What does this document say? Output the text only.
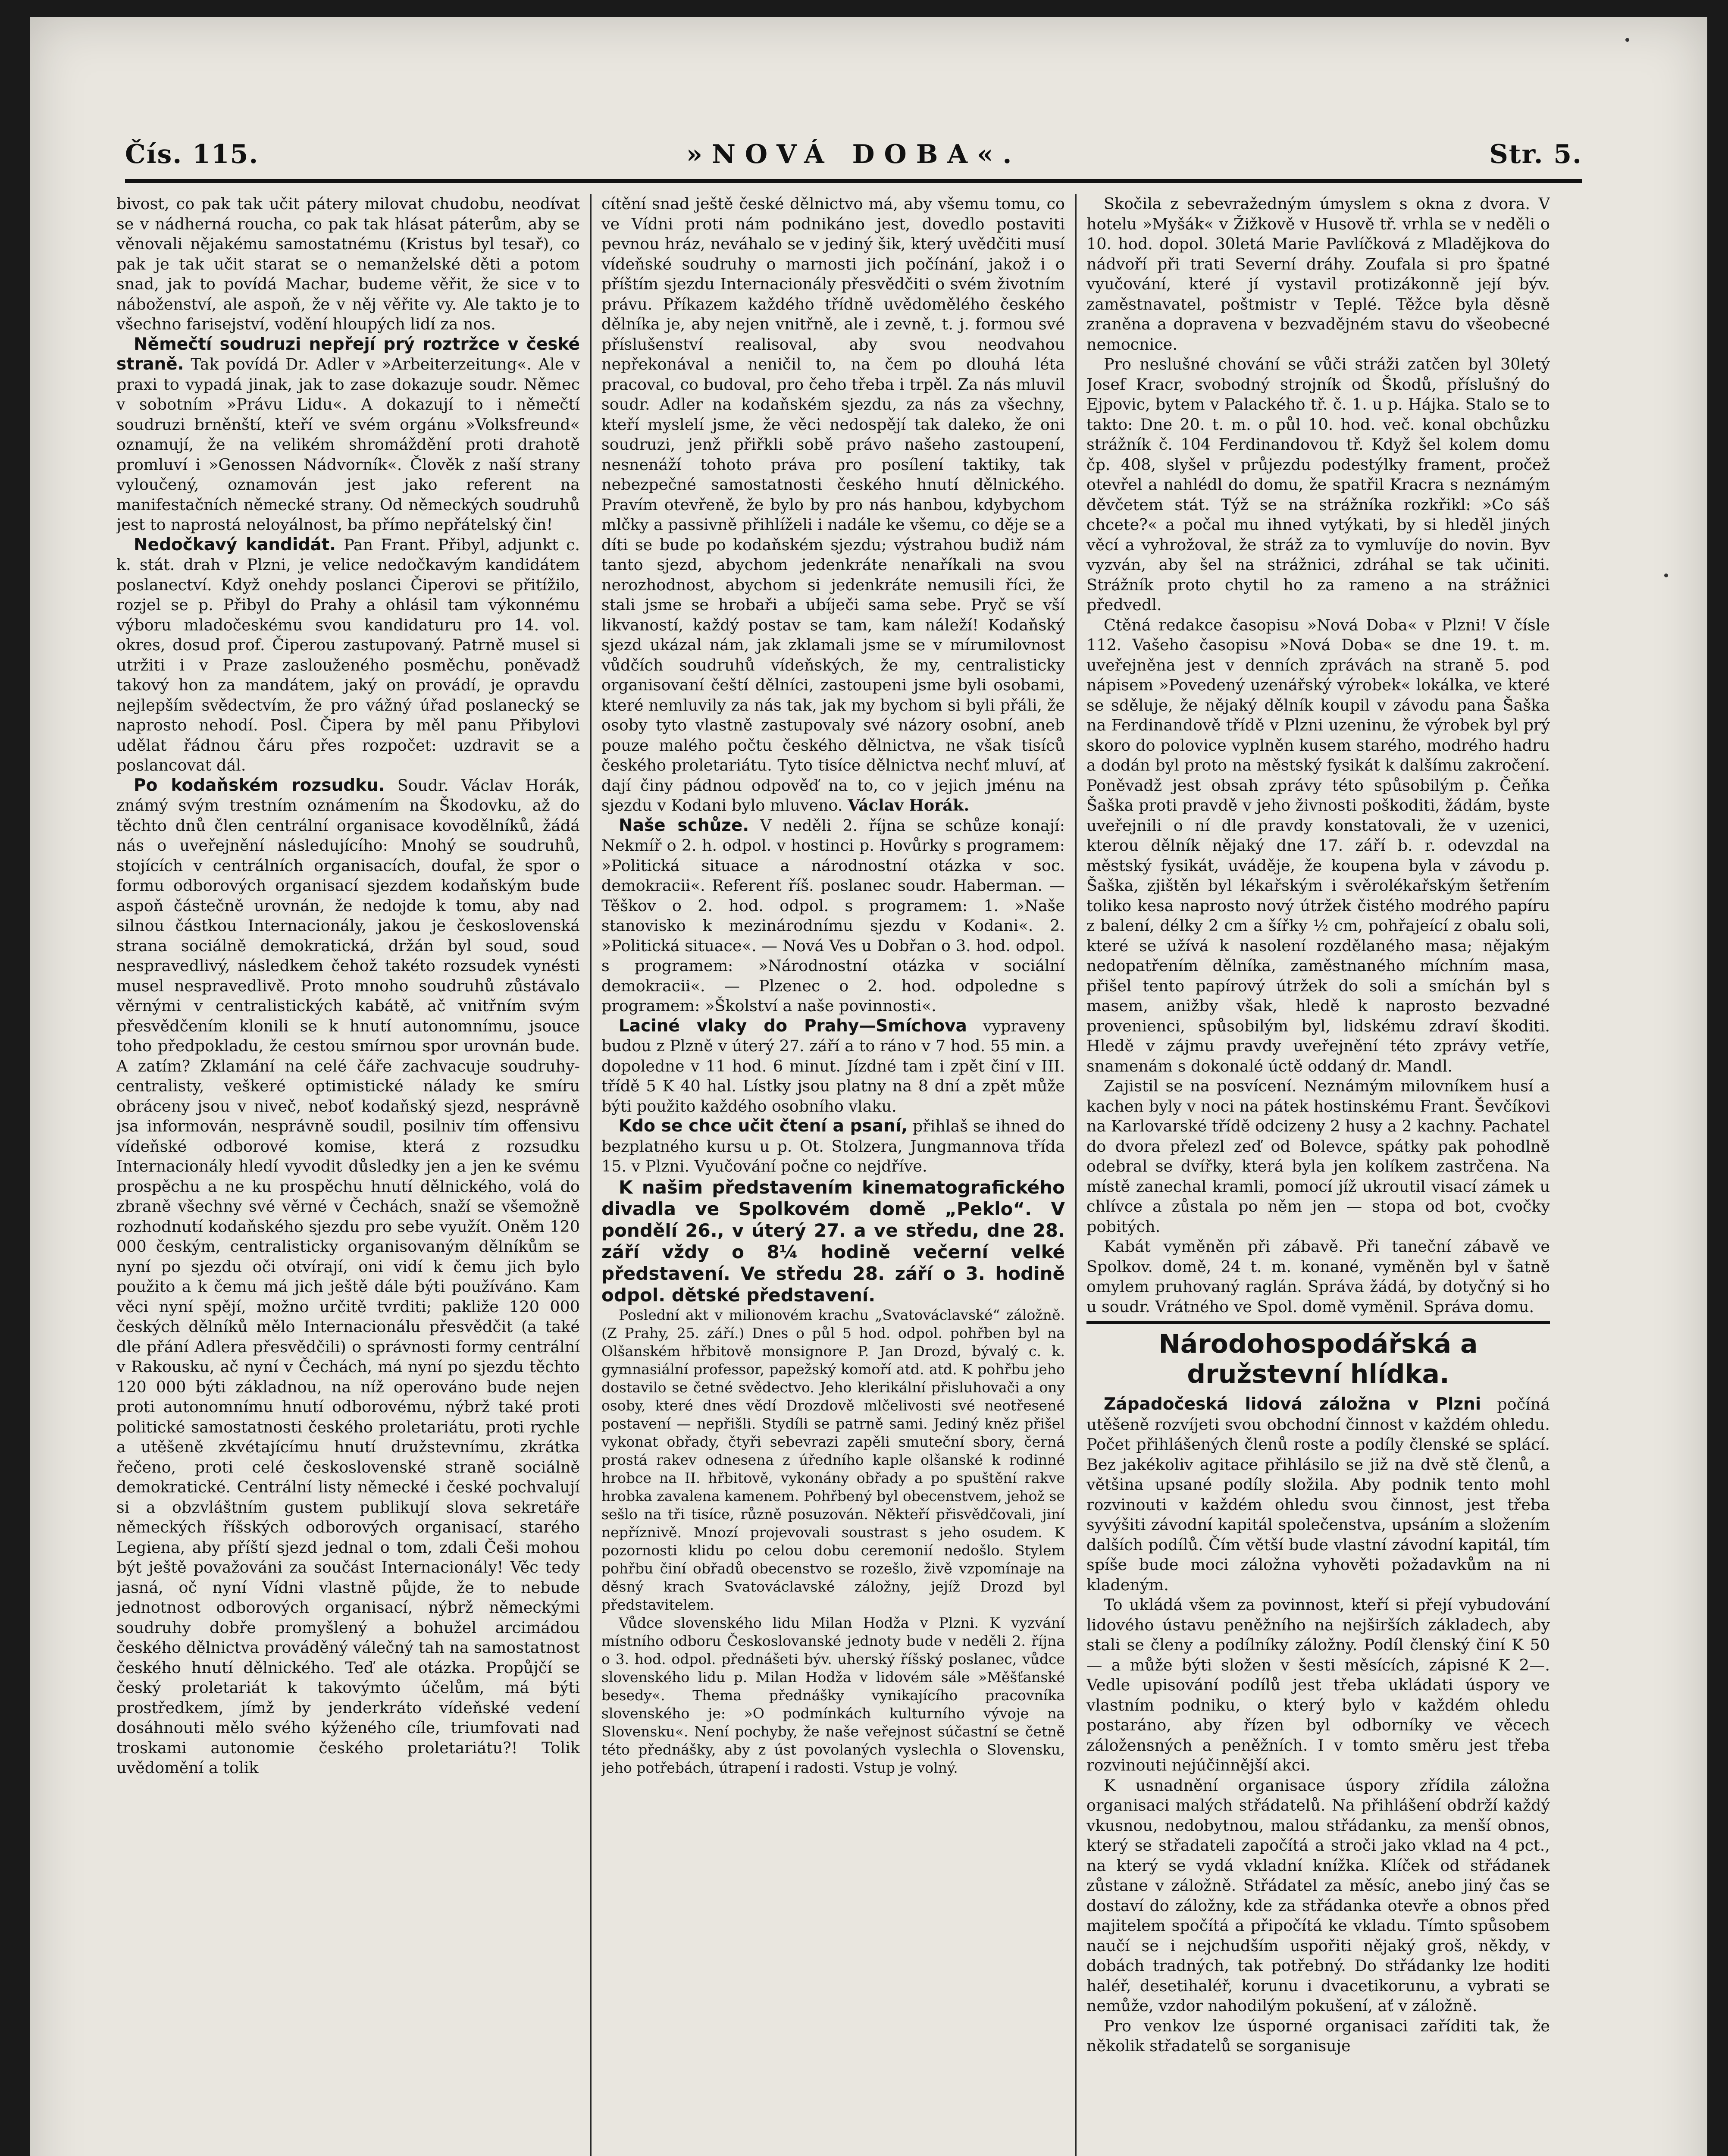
Čís. 115.	»NOVÁ DOBA«.	Str. 5.

bivost, co pak tak učit pátery milovat chudobu, neodívat se v nádherná roucha, co pak tak hlásat páterům, aby se věnovali nějakému samostatnému (Kristus byl tesař), co pak je tak učit starat se o nemanželské děti a potom snad, jak to povídá Machar, budeme věřit, že sice v to náboženství, ale aspoň, že v něj věřite vy. Ale takto je to všechno farisejství, vodění hloupých lidí za nos.

Němečtí soudruzi nepřejí prý roztržce v české straně. Tak povídá Dr. Adler v »Arbeiterzeitung«. Ale v praxi to vypadá jinak, jak to zase dokazuje soudr. Němec v sobotním »Právu Lidu«. A dokazují to i němečtí soudruzi brněnští, kteří ve svém orgánu »Volksfreund« oznamují, že na velikém shromáždění proti drahotě promluví i »Genossen Nádvorník«. Člověk z naší strany vyloučený, oznamován jest jako referent na manifestačních německé strany. Od německých soudruhů jest to naprostá neloyálnost, ba přímo nepřátelský čin!

Nedočkavý kandidát. Pan Frant. Přibyl, adjunkt c. k. stát. drah v Plzni, je velice nedočkavým kandidátem poslanectví. Když onehdy poslanci Čiperovi se přitížilo, rozjel se p. Přibyl do Prahy a ohlásil tam výkonnému výboru mladočeskému svou kandidaturu pro 14. vol. okres, dosud prof. Čiperou zastupovaný. Patrně musel si utržiti i v Praze zaslouženého posměchu, poněvadž takový hon za mandátem, jaký on provádí, je opravdu nejlepším svědectvím, že pro vážný úřad poslanecký se naprosto nehodí. Posl. Čipera by měl panu Přibylovi udělat řádnou čáru přes rozpočet: uzdravit se a poslancovat dál.

Po kodaňském rozsudku. Soudr. Václav Horák, známý svým trestním oznámením na Škodovku, až do těchto dnů člen centrální organisace kovodělníků, žádá nás o uveřejnění následujícího: Mnohý se soudruhů, stojících v centrálních organisacích, doufal, že spor o formu odborových organisací sjezdem kodaňským bude aspoň částečně urovnán, že nedojde k tomu, aby nad silnou částkou Internacionály, jakou je československá strana sociálně demokratická, držán byl soud, soud nespravedlivý, následkem čehož takéto rozsudek vynésti musel nespravedlivě. Proto mnoho soudruhů zůstávalo věrnými v centralistických kabátě, ač vnitřním svým přesvědčením klonili se k hnutí autonomnímu, jsouce toho předpokladu, že cestou smírnou spor urovnán bude. A zatím? Zklamání na celé čáře zachvacuje soudruhy-centralisty, veškeré optimistické nálady ke smíru obráceny jsou v niveč, neboť kodaňský sjezd, nesprávně jsa informován, nesprávně soudil, posilniv tím offensivu vídeňské odborové komise, která z rozsudku Internacionály hledí vyvodit důsledky jen a jen ke svému prospěchu a ne ku prospěchu hnutí dělnického, volá do zbraně všechny své věrné v Čechách, snaží se všemožně rozhodnutí kodaňského sjezdu pro sebe využít. Oněm 120 000 českým, centralisticky organisovaným dělníkům se nyní po sjezdu oči otvírají, oni vidí k čemu jich bylo použito a k čemu má jich ještě dále býti používáno. Kam věci nyní spějí, možno určitě tvrditi; pakliže 120 000 českých dělníků mělo Internacionálu přesvědčit (a také dle přání Adlera přesvědčili) o správnosti formy centrální v Rakousku, ač nyní v Čechách, má nyní po sjezdu těchto 120 000 býti základnou, na níž operováno bude nejen proti autonomnímu hnutí odborovému, nýbrž také proti politické samostatnosti českého proletariátu, proti rychle a utěšeně zkvétajícímu hnutí družstevnímu, zkrátka řečeno, proti celé československé straně sociálně demokratické. Centrální listy německé i české pochvalují si a obzvláštním gustem publikují slova sekretáře německých říšských odborových organisací, starého Legiena, aby příští sjezd jednal o tom, zdali Češi mohou být ještě považováni za součást Internacionály! Věc tedy jasná, oč nyní Vídni vlastně půjde, že to nebude jednotnost odborových organisací, nýbrž německými soudruhy dobře promyšlený a bohužel arcimádou českého dělnictva prováděný válečný tah na samostatnost českého hnutí dělnického. Teď ale otázka. Propůjčí se český proletariát k takovýmto účelům, má býti prostředkem, jímž by jenderkráto vídeňské vedení dosáhnouti mělo svého kýženého cíle, triumfovati nad troskami autonomie českého proletariátu?! Tolik uvědomění a tolik

cítění snad ještě české dělnictvo má, aby všemu tomu, co ve Vídni proti nám podnikáno jest, dovedlo postaviti pevnou hráz, neváhalo se v jediný šik, který uvědčiti musí vídeňské soudruhy o marnosti jich počínání, jakož i o příštím sjezdu Internacionály přesvědčiti o svém životním právu. Příkazem každého třídně uvědomělého českého dělníka je, aby nejen vnitřně, ale i zevně, t. j. formou své příslušenství realisoval, aby svou neodvahou nepřekonával a neničil to, na čem po dlouhá léta pracoval, co budoval, pro čeho třeba i trpěl. Za nás mluvil soudr. Adler na kodaňském sjezdu, za nás za všechny, kteří myslelí jsme, že věci nedospějí tak daleko, že oni soudruzi, jenž přiřkli sobě právo našeho zastoupení, nesnenáží tohoto práva pro posílení taktiky, tak nebezpečné samostatnosti českého hnutí dělnického. Pravím otevřeně, že bylo by pro nás hanbou, kdybychom mlčky a passivně přihlíželi i nadále ke všemu, co děje se a díti se bude po kodaňském sjezdu; výstrahou budiž nám tanto sjezd, abychom jedenkráte nenaříkali na svou nerozhodnost, abychom si jedenkráte nemusili říci, že stali jsme se hrobaři a ubíječi sama sebe. Pryč se vší likvaností, každý postav se tam, kam náleží! Kodaňský sjezd ukázal nám, jak zklamali jsme se v mírumilovnost vůdčích soudruhů vídeňských, že my, centralisticky organisovaní čeští dělníci, zastoupeni jsme byli osobami, které nemluvily za nás tak, jak my bychom si byli přáli, že osoby tyto vlastně zastupovaly své názory osobní, aneb pouze malého počtu českého dělnictva, ne však tisíců českého proletariátu. Tyto tisíce dělnictva nechť mluví, ať dají činy pádnou odpověď na to, co v jejich jménu na sjezdu v Kodani bylo mluveno. Václav Horák.

Naše schůze. V neděli 2. října se schůze konají: Nekmíř o 2. h. odpol. v hostinci p. Hovůrky s programem: »Politická situace a národnostní otázka v soc. demokracii«. Referent říš. poslanec soudr. Haberman. — Těškov o 2. hod. odpol. s programem: 1. »Naše stanovisko k mezinárodnímu sjezdu v Kodani«. 2. »Politická situace«. — Nová Ves u Dobřan o 3. hod. odpol. s programem: »Národnostní otázka v sociální demokracii«. — Plzenec o 2. hod. odpoledne s programem: »Školství a naše povinnosti«.

Laciné vlaky do Prahy—Smíchova vypraveny budou z Plzně v úterý 27. září a to ráno v 7 hod. 55 min. a dopoledne v 11 hod. 6 minut. Jízdné tam i zpět činí v III. třídě 5 K 40 hal. Lístky jsou platny na 8 dní a zpět může býti použito každého osobního vlaku.

Kdo se chce učit čtení a psaní, přihlaš se ihned do bezplatného kursu u p. Ot. Stolzera, Jungmannova třída 15. v Plzni. Vyučování počne co nejdříve.

K našim představením kinematografického divadla ve Spolkovém domě „Peklo“. V pondělí 26., v úterý 27. a ve středu, dne 28. září vždy o 8¼ hodině večerní velké představení. Ve středu 28. září o 3. hodině odpol. dětské představení.

Poslední akt v milionovém krachu „Svatováclavské“ záložně. (Z Prahy, 25. září.) Dnes o půl 5 hod. odpol. pohřben byl na Olšanském hřbitově monsignore P. Jan Drozd, bývalý c. k. gymnasiální professor, papežský komoří atd. atd. K pohřbu jeho dostavilo se četné svědectvo. Jeho klerikální přisluhovači a ony osoby, které dnes vědí Drozdově mlčelivosti své neotřesené postavení — nepřišli. Stydíli se patrně sami. Jediný kněz přišel vykonat obřady, čtyři sebevrazi zapěli smuteční sbory, černá prostá rakev odnesena z úředního kaple olšanské k rodinné hrobce na II. hřbitově, vykonány obřady a po spuštění rakve hrobka zavalena kamenem. Pohřbený byl obecenstvem, jehož se sešlo na tři tisíce, různě posuzován. Někteří přisvědčovali, jiní nepříznivě. Mnozí projevovali soustrast s jeho osudem. K pozornosti klidu po celou dobu ceremonií nedošlo. Stylem pohřbu činí obřadů obecenstvo se rozešlo, živě vzpomínaje na děsný krach Svatováclavské záložny, jejíž Drozd byl představitelem.

Vůdce slovenského lidu Milan Hodža v Plzni. K vyzvání místního odboru Českoslovanské jednoty bude v neděli 2. října o 3. hod. odpol. přednášeti býv. uherský říšský poslanec, vůdce slovenského lidu p. Milan Hodža v lidovém sále »Měšťanské besedy«. Thema přednášky vynikajícího pracovníka slovenského je: »O podmínkách kulturního vývoje na Slovensku«. Není pochyby, že naše veřejnost súčastní se četně této přednášky, aby z úst povolaných vyslechla o Slovensku, jeho potřebách, útrapení i radosti. Vstup je volný.

Skočila z sebevražedným úmyslem s okna z dvora. V hotelu »Myšák« v Žižkově v Husově tř. vrhla se v neděli o 10. hod. dopol. 30letá Marie Pavlíčková z Mladějkova do nádvoří při trati Severní dráhy. Zoufala si pro špatné vyučování, které jí vystavil protizákonně její býv. zaměstnavatel, poštmistr v Teplé. Těžce byla děsně zraněna a dopravena v bezvadějném stavu do všeobecné nemocnice.

Pro neslušné chování se vůči stráži zatčen byl 30letý Josef Kracr, svobodný strojník od Škodů, příslušný do Ejpovic, bytem v Palackého tř. č. 1. u p. Hájka. Stalo se to takto: Dne 20. t. m. o půl 10. hod. več. konal obchůzku strážník č. 104 Ferdinandovou tř. Když šel kolem domu čp. 408, slyšel v průjezdu podestýlky frament, pročež otevřel a nahlédl do domu, že spatřil Kracra s neznámým děvčetem stát. Týž se na strážníka rozkřikl: »Co sáš chcete?« a počal mu ihned vytýkati, by si hleděl jiných věcí a vyhrožoval, že stráž za to vymluvíje do novin. Byv vyzván, aby šel na strážnici, zdráhal se tak učiniti. Strážník proto chytil ho za rameno a na strážnici předvedl.

Ctěná redakce časopisu »Nová Doba« v Plzni! V čísle 112. Vašeho časopisu »Nová Doba« se dne 19. t. m. uveřejněna jest v denních zprávách na straně 5. pod nápisem »Povedený uzenářský výrobek« lokálka, ve které se sděluje, že nějaký dělník koupil v závodu pana Šaška na Ferdinandově třídě v Plzni uzeninu, že výrobek byl prý skoro do polovice vyplněn kusem starého, modrého hadru a dodán byl proto na městský fysikát k dalšímu zakročení. Poněvadž jest obsah zprávy této spůsobilým p. Čeňka Šaška proti pravdě v jeho živnosti poškoditi, žádám, byste uveřejnili o ní dle pravdy konstatovali, že v uzenici, kterou dělník nějaký dne 17. září b. r. odevzdal na městský fysikát, uváděje, že koupena byla v závodu p. Šaška, zjištěn byl lékařským i svěrolékařským šetřením toliko kesa naprosto nový útržek čistého modrého papíru z balení, délky 2 cm a šířky ½ cm, pohřajeící z obalu soli, které se užívá k nasolení rozdělaného masa; nějakým nedopatřením dělníka, zaměstnaného míchním masa, přišel tento papírový útržek do soli a smíchán byl s masem, anižby však, hledě k naprosto bezvadné provenienci, spůsobilým byl, lidskému zdraví škoditi. Hledě v zájmu pravdy uveřejnění této zprávy vetříe, snamenám s dokonalé úctě oddaný dr. Mandl.

Zajistil se na posvícení. Neznámým milovníkem husí a kachen byly v noci na pátek hostinskému Frant. Ševčíkovi na Karlovarské třídě odcizeny 2 husy a 2 kachny. Pachatel do dvora přelezl zeď od Bolevce, spátky pak pohodlně odebral se dvířky, která byla jen kolíkem zastrčena. Na místě zanechal kramli, pomocí jíž ukroutil visací zámek u chlívce a zůstala po něm jen — stopa od bot, cvočky pobitých.

Kabát vyměněn při zábavě. Při taneční zábavě ve Spolkov. domě, 24 t. m. konané, vyměněn byl v šatně omylem pruhovaný raglán. Správa žádá, by dotyčný si ho u soudr. Vrátného ve Spol. domě vyměnil. Správa domu.

Národohospodářská a družstevní hlídka.

Západočeská lidová záložna v Plzni počíná utěšeně rozvíjeti svou obchodní činnost v každém ohledu. Počet přihlášených členů roste a podíly členské se splácí. Bez jakékoliv agitace přihlásilo se již na dvě stě členů, a většina upsané podíly složila. Aby podnik tento mohl rozvinouti v každém ohledu svou činnost, jest třeba syvýšiti závodní kapitál společenstva, upsáním a složením dalších podílů. Čím větší bude vlastní závodní kapitál, tím spíše bude moci záložna vyhověti požadavkům na ni kladeným.

To ukládá všem za povinnost, kteří si přejí vybudování lidového ústavu peněžního na nejširších základech, aby stali se členy a podílníky záložny. Podíl členský činí K 50— a může býti složen v šesti měsících, zápisné K 2—. Vedle upisování podílů jest třeba ukládati úspory ve vlastním podniku, o který bylo v každém ohledu postaráno, aby řízen byl odborníky ve věcech záložensných a peněžních. I v tomto směru jest třeba rozvinouti nejúčinnější akci.

K usnadnění organisace úspory zřídila záložna organisaci malých střádatelů. Na přihlášení obdrží každý vkusnou, nedobytnou, malou střádanku, za menší obnos, který se střadateli započítá a stroči jako vklad na 4 pct., na který se vydá vkladní knížka. Klíček od střádanek zůstane v záložně. Střádatel za měsíc, anebo jiný čas se dostaví do záložny, kde za střádanka otevře a obnos před majitelem spočítá a připočítá ke vkladu. Tímto spůsobem naučí se i nejchudším uspořiti nějaký groš, někdy, v dobách tradných, tak potřebný. Do střádanky lze hoditi haléř, desetihaléř, korunu i dvacetikorunu, a vybrati se nemůže, vzdor nahodilým pokušení, ať v záložně.

Pro venkov lze úsporné organisaci zaříditi tak, že několik střadatelů se sorganisuje
